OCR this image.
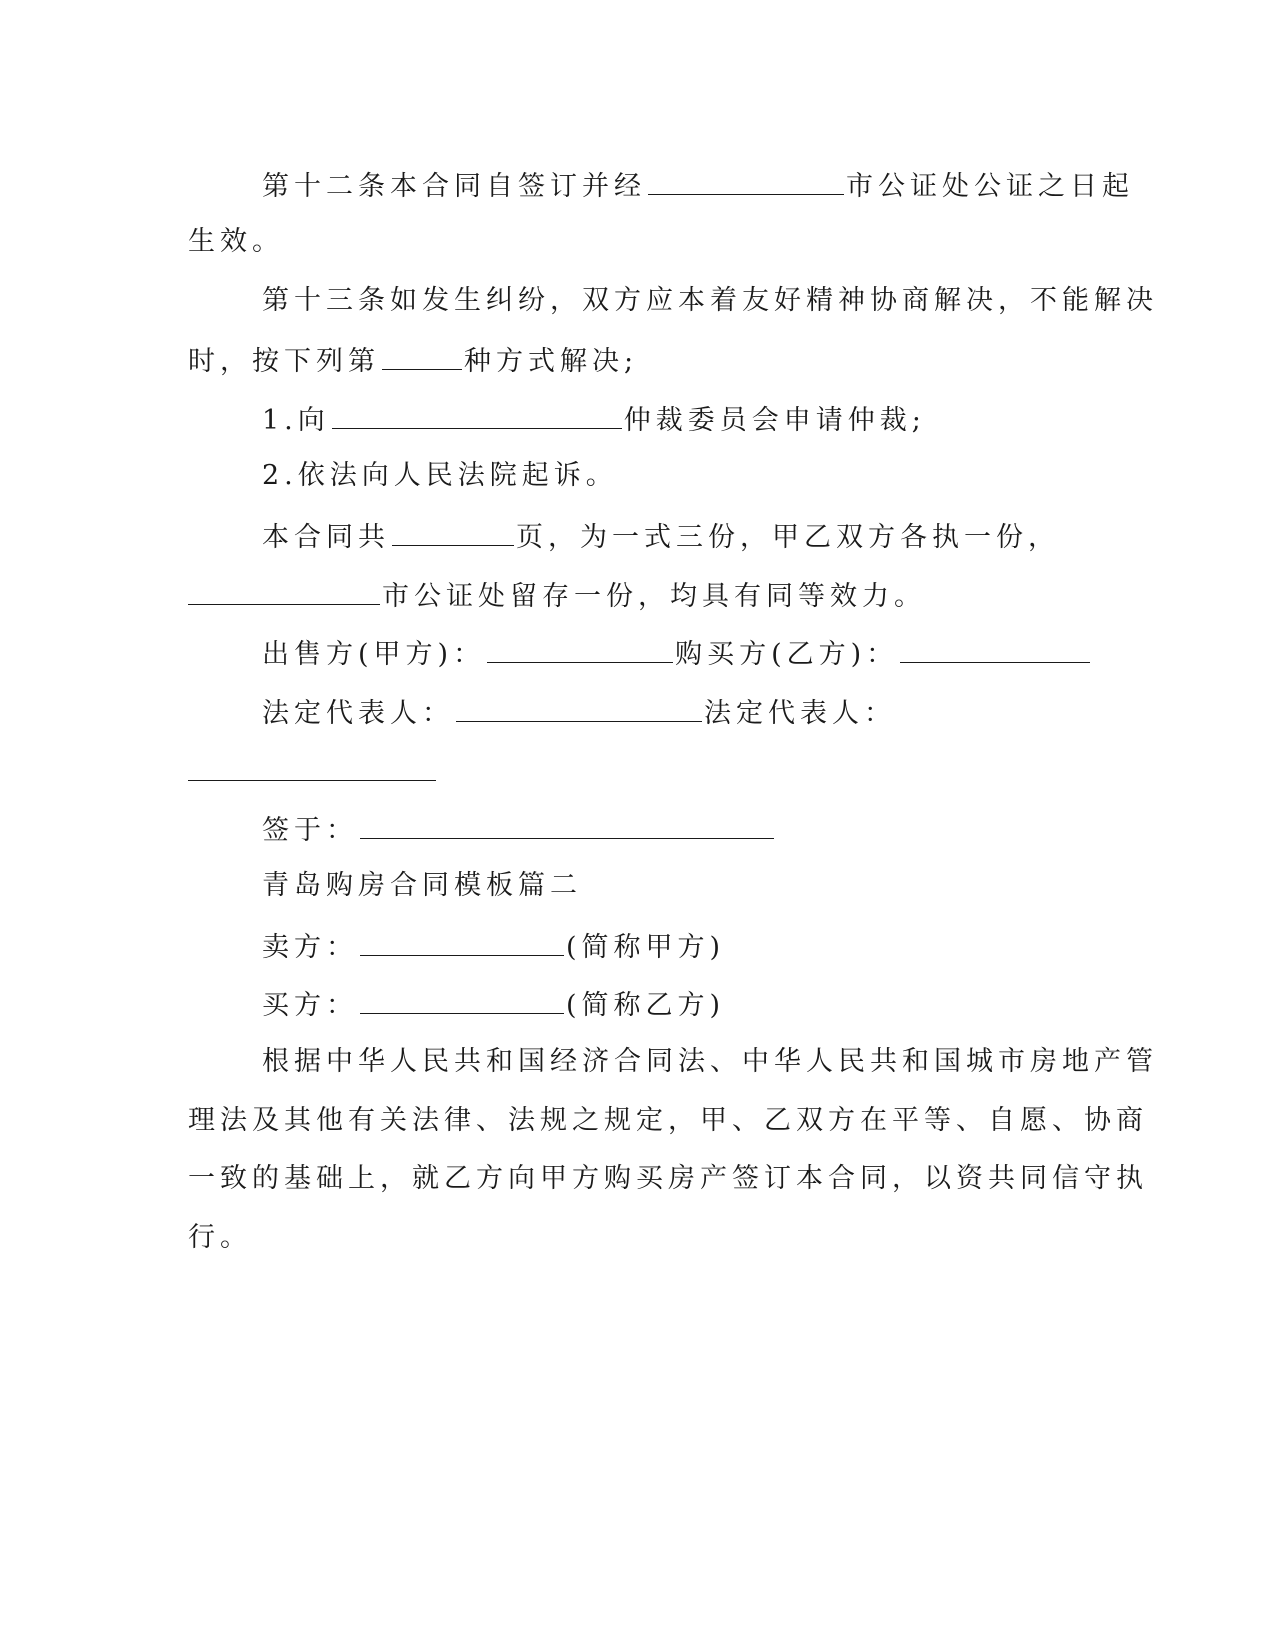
第十二条本合同自签订并经	市公证处公证之日起
生效。
第十三条如发生纠纷，双方应本着友好精神协商解决，不能解决
时，按下列第	种方式解决;
1.向	仲裁委员会申请仲裁;
2.依法向人民法院起诉。
本合同共	页，为一式三份，甲乙双方各执一份，
市公证处留存一份，均具有同等效力。
出售方(甲方)：	购买方(乙方)：
法定代表人：	法定代表人：
签于：
青岛购房合同模板篇二
卖方：	(简称甲方)
买方：	(简称乙方)
根据中华人民共和国经济合同法、中华人民共和国城市房地产管
理法及其他有关法律、法规之规定，甲、乙双方在平等、自愿、协商
一致的基础上，就乙方向甲方购买房产签订本合同，以资共同信守执
行。
